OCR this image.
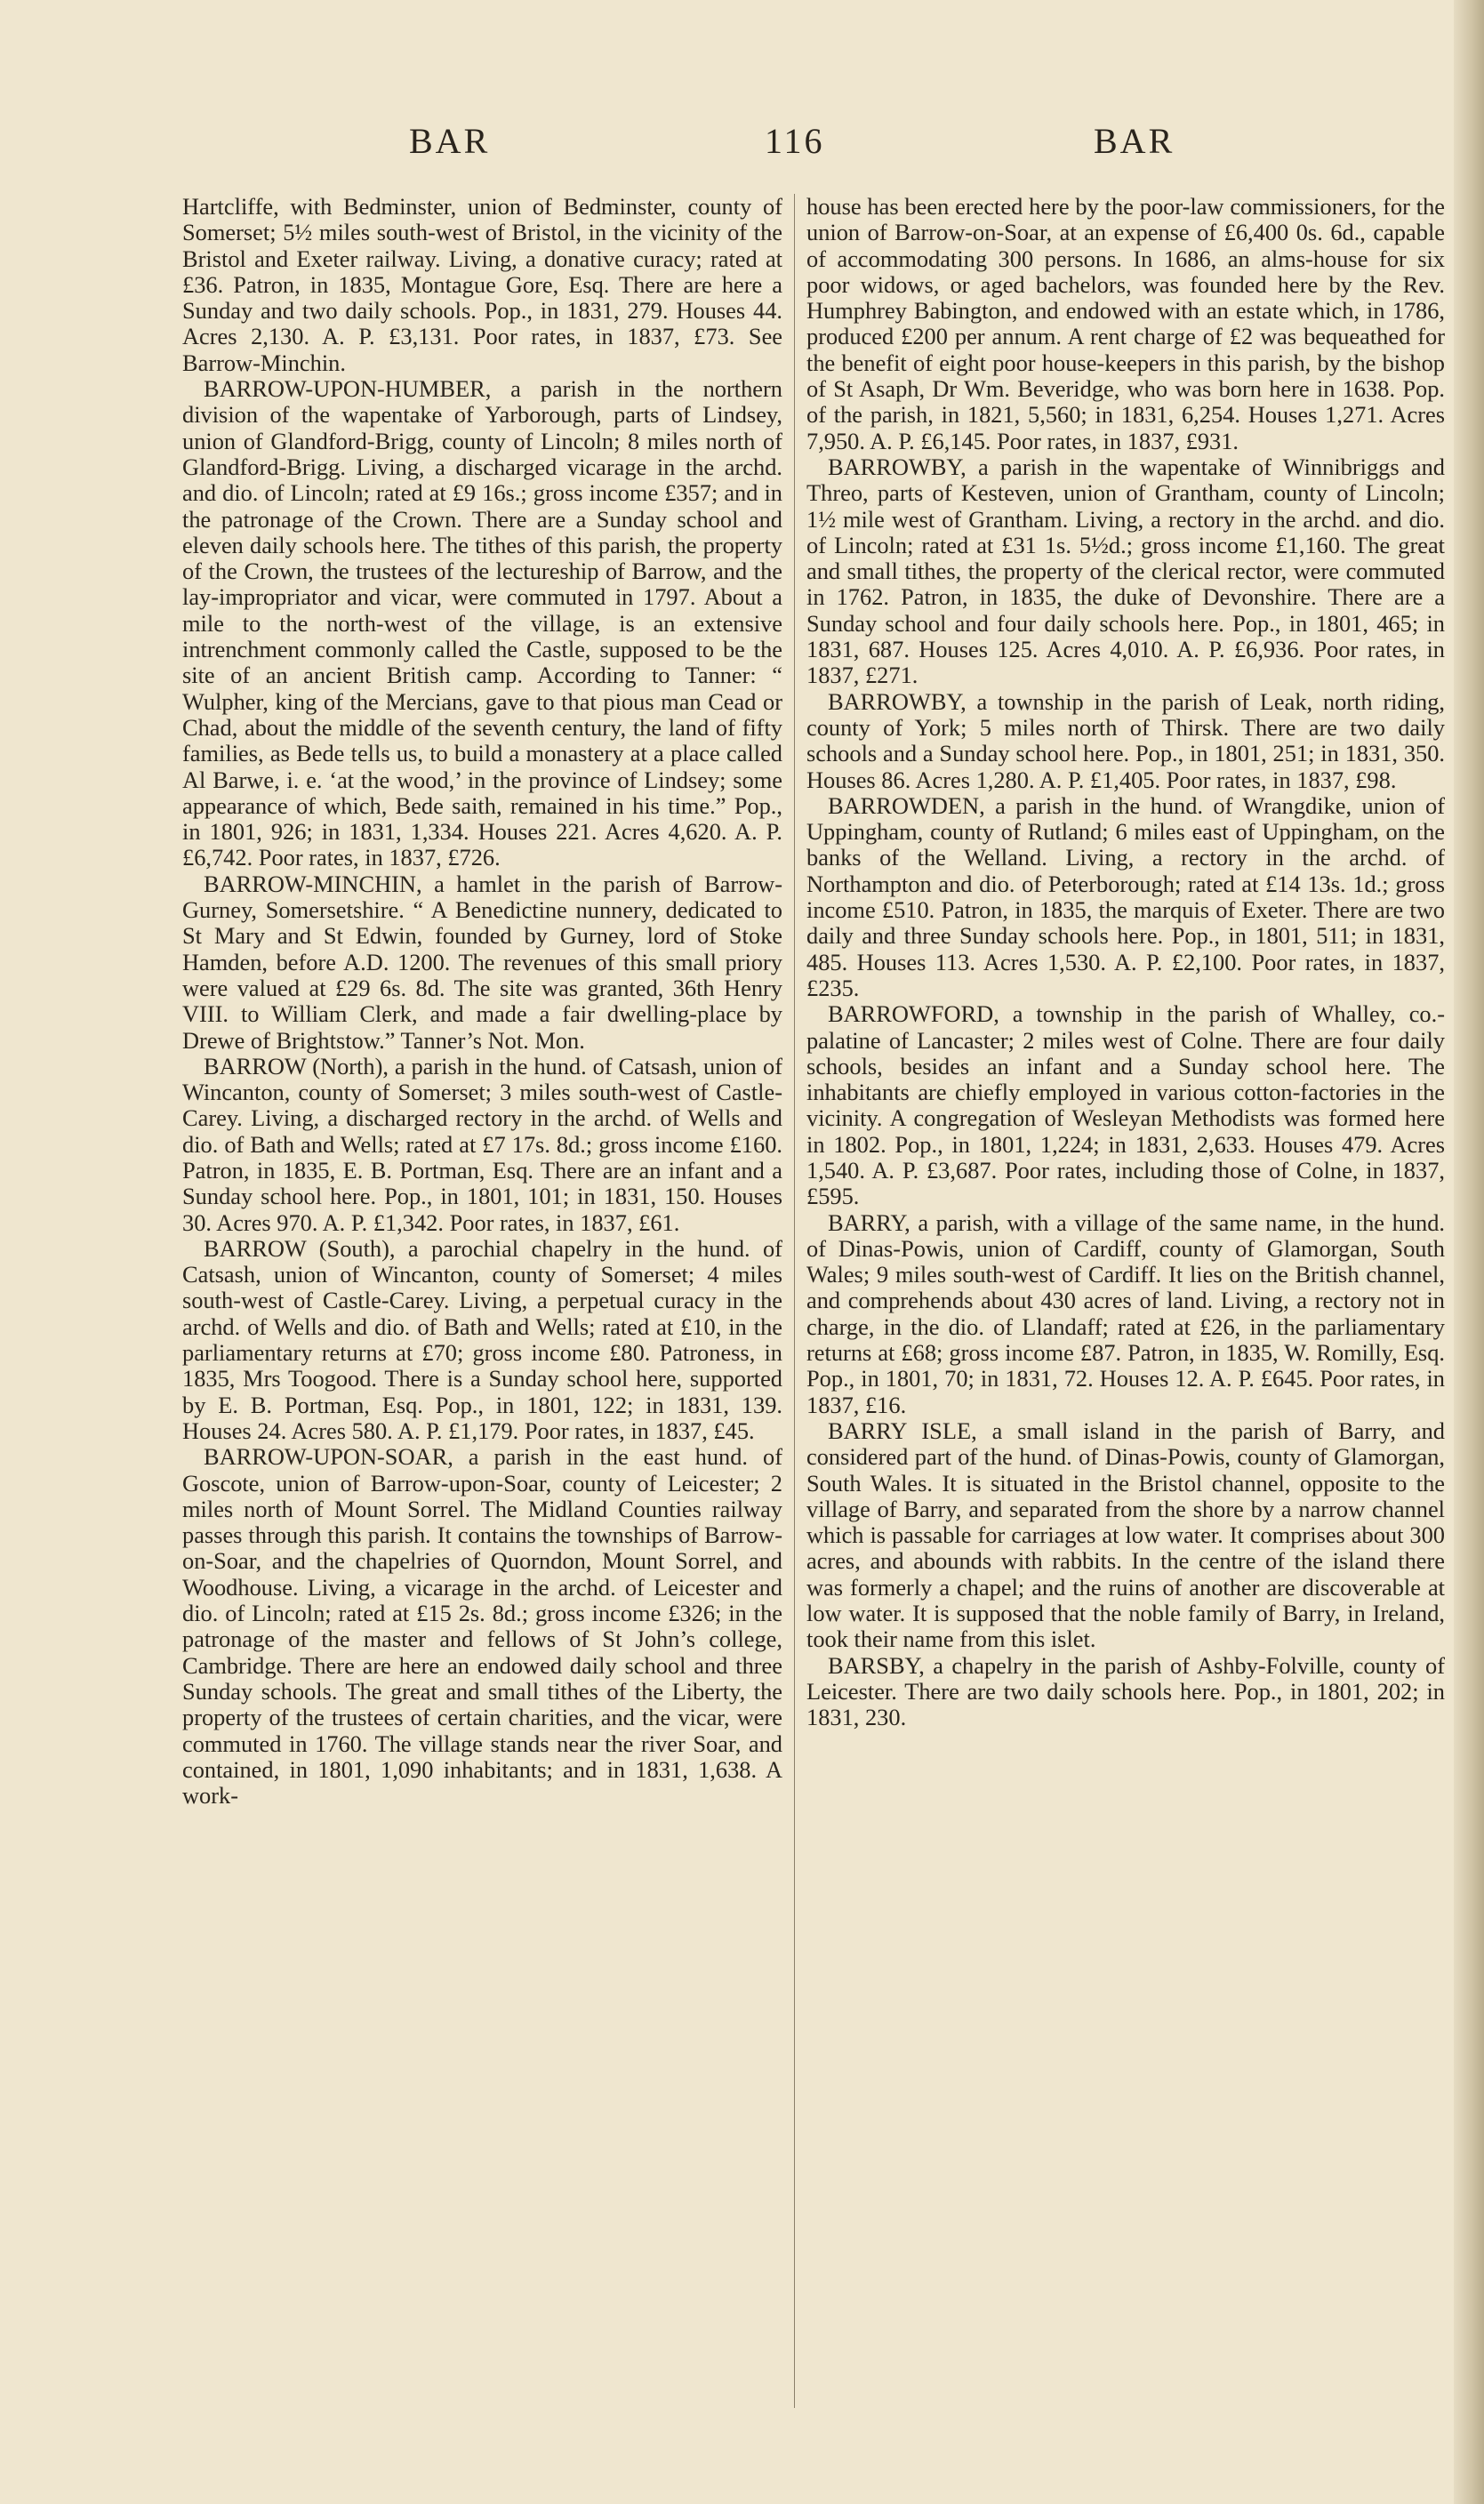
BAR	116	BAR

Hartcliffe, with Bedminster, union of Bedminster, county of Somerset; 5½ miles south-west of Bristol, in the vicinity of the Bristol and Exeter railway. Living, a donative curacy; rated at £36. Patron, in 1835, Montague Gore, Esq. There are here a Sunday and two daily schools. Pop., in 1831, 279. Houses 44. Acres 2,130. A. P. £3,131. Poor rates, in 1837, £73. See Barrow-Minchin.

BARROW-UPON-HUMBER, a parish in the northern division of the wapentake of Yarborough, parts of Lindsey, union of Glandford-Brigg, county of Lincoln; 8 miles north of Glandford-Brigg. Living, a discharged vicarage in the archd. and dio. of Lincoln; rated at £9 16s.; gross income £357; and in the patronage of the Crown. There are a Sunday school and eleven daily schools here. The tithes of this parish, the property of the Crown, the trustees of the lectureship of Barrow, and the lay-impropriator and vicar, were commuted in 1797. About a mile to the north-west of the village, is an extensive intrenchment commonly called the Castle, supposed to be the site of an ancient British camp. According to Tanner: “ Wulpher, king of the Mercians, gave to that pious man Cead or Chad, about the middle of the seventh century, the land of fifty families, as Bede tells us, to build a monastery at a place called Al Barwe, i. e. ‘at the wood,’ in the province of Lindsey; some appearance of which, Bede saith, remained in his time.” Pop., in 1801, 926; in 1831, 1,334. Houses 221. Acres 4,620. A. P. £6,742. Poor rates, in 1837, £726.

BARROW-MINCHIN, a hamlet in the parish of Barrow-Gurney, Somersetshire. “ A Benedictine nunnery, dedicated to St Mary and St Edwin, founded by Gurney, lord of Stoke Hamden, before A.D. 1200. The revenues of this small priory were valued at £29 6s. 8d. The site was granted, 36th Henry VIII. to William Clerk, and made a fair dwelling-place by Drewe of Brightstow.” Tanner’s Not. Mon.

BARROW (North), a parish in the hund. of Catsash, union of Wincanton, county of Somerset; 3 miles south-west of Castle-Carey. Living, a discharged rectory in the archd. of Wells and dio. of Bath and Wells; rated at £7 17s. 8d.; gross income £160. Patron, in 1835, E. B. Portman, Esq. There are an infant and a Sunday school here. Pop., in 1801, 101; in 1831, 150. Houses 30. Acres 970. A. P. £1,342. Poor rates, in 1837, £61.

BARROW (South), a parochial chapelry in the hund. of Catsash, union of Wincanton, county of Somerset; 4 miles south-west of Castle-Carey. Living, a perpetual curacy in the archd. of Wells and dio. of Bath and Wells; rated at £10, in the parliamentary returns at £70; gross income £80. Patroness, in 1835, Mrs Toogood. There is a Sunday school here, supported by E. B. Portman, Esq. Pop., in 1801, 122; in 1831, 139. Houses 24. Acres 580. A. P. £1,179. Poor rates, in 1837, £45.

BARROW-UPON-SOAR, a parish in the east hund. of Goscote, union of Barrow-upon-Soar, county of Leicester; 2 miles north of Mount Sorrel. The Midland Counties railway passes through this parish. It contains the townships of Barrow-on-Soar, and the chapelries of Quorndon, Mount Sorrel, and Woodhouse. Living, a vicarage in the archd. of Leicester and dio. of Lincoln; rated at £15 2s. 8d.; gross income £326; in the patronage of the master and fellows of St John’s college, Cambridge. There are here an endowed daily school and three Sunday schools. The great and small tithes of the Liberty, the property of the trustees of certain charities, and the vicar, were commuted in 1760. The village stands near the river Soar, and contained, in 1801, 1,090 inhabitants; and in 1831, 1,638. A work-

house has been erected here by the poor-law commissioners, for the union of Barrow-on-Soar, at an expense of £6,400 0s. 6d., capable of accommodating 300 persons. In 1686, an alms-house for six poor widows, or aged bachelors, was founded here by the Rev. Humphrey Babington, and endowed with an estate which, in 1786, produced £200 per annum. A rent charge of £2 was bequeathed for the benefit of eight poor house-keepers in this parish, by the bishop of St Asaph, Dr Wm. Beveridge, who was born here in 1638. Pop. of the parish, in 1821, 5,560; in 1831, 6,254. Houses 1,271. Acres 7,950. A. P. £6,145. Poor rates, in 1837, £931.

BARROWBY, a parish in the wapentake of Winnibriggs and Threo, parts of Kesteven, union of Grantham, county of Lincoln; 1½ mile west of Grantham. Living, a rectory in the archd. and dio. of Lincoln; rated at £31 1s. 5½d.; gross income £1,160. The great and small tithes, the property of the clerical rector, were commuted in 1762. Patron, in 1835, the duke of Devonshire. There are a Sunday school and four daily schools here. Pop., in 1801, 465; in 1831, 687. Houses 125. Acres 4,010. A. P. £6,936. Poor rates, in 1837, £271.

BARROWBY, a township in the parish of Leak, north riding, county of York; 5 miles north of Thirsk. There are two daily schools and a Sunday school here. Pop., in 1801, 251; in 1831, 350. Houses 86. Acres 1,280. A. P. £1,405. Poor rates, in 1837, £98.

BARROWDEN, a parish in the hund. of Wrangdike, union of Uppingham, county of Rutland; 6 miles east of Uppingham, on the banks of the Welland. Living, a rectory in the archd. of Northampton and dio. of Peterborough; rated at £14 13s. 1d.; gross income £510. Patron, in 1835, the marquis of Exeter. There are two daily and three Sunday schools here. Pop., in 1801, 511; in 1831, 485. Houses 113. Acres 1,530. A. P. £2,100. Poor rates, in 1837, £235.

BARROWFORD, a township in the parish of Whalley, co.-palatine of Lancaster; 2 miles west of Colne. There are four daily schools, besides an infant and a Sunday school here. The inhabitants are chiefly employed in various cotton-factories in the vicinity. A congregation of Wesleyan Methodists was formed here in 1802. Pop., in 1801, 1,224; in 1831, 2,633. Houses 479. Acres 1,540. A. P. £3,687. Poor rates, including those of Colne, in 1837, £595.

BARRY, a parish, with a village of the same name, in the hund. of Dinas-Powis, union of Cardiff, county of Glamorgan, South Wales; 9 miles south-west of Cardiff. It lies on the British channel, and comprehends about 430 acres of land. Living, a rectory not in charge, in the dio. of Llandaff; rated at £26, in the parliamentary returns at £68; gross income £87. Patron, in 1835, W. Romilly, Esq. Pop., in 1801, 70; in 1831, 72. Houses 12. A. P. £645. Poor rates, in 1837, £16.

BARRY ISLE, a small island in the parish of Barry, and considered part of the hund. of Dinas-Powis, county of Glamorgan, South Wales. It is situated in the Bristol channel, opposite to the village of Barry, and separated from the shore by a narrow channel which is passable for carriages at low water. It comprises about 300 acres, and abounds with rabbits. In the centre of the island there was formerly a chapel; and the ruins of another are discoverable at low water. It is supposed that the noble family of Barry, in Ireland, took their name from this islet.

BARSBY, a chapelry in the parish of Ashby-Folville, county of Leicester. There are two daily schools here. Pop., in 1801, 202; in 1831, 230.
